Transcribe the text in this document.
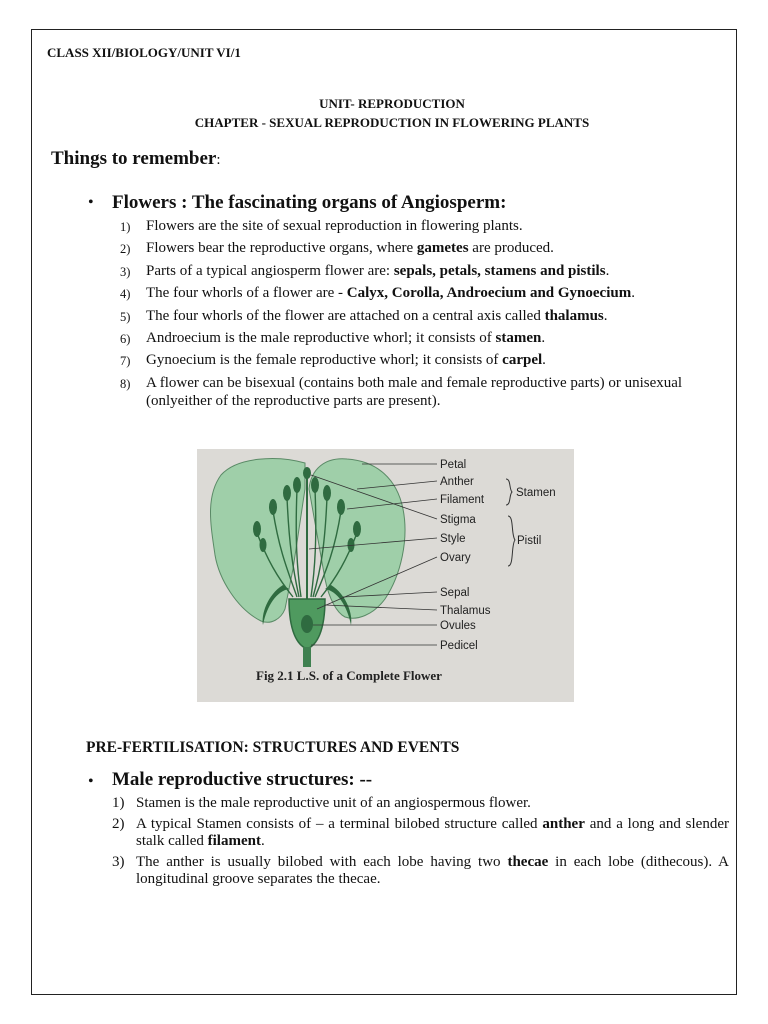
CLASS XII/BIOLOGY/UNIT VI/1
UNIT- REPRODUCTION
CHAPTER - SEXUAL REPRODUCTION IN FLOWERING PLANTS
Things to remember:
• Flowers : The fascinating organs of Angiosperm:
1) Flowers are the site of sexual reproduction in flowering plants.
2) Flowers bear the reproductive organs, where gametes are produced.
3) Parts of a typical angiosperm flower are: sepals, petals, stamens and pistils.
4) The four whorls of a flower are - Calyx, Corolla, Androecium and Gynoecium.
5) The four whorls of the flower are attached on a central axis called thalamus.
6) Androecium is the male reproductive whorl; it consists of stamen.
7) Gynoecium is the female reproductive whorl; it consists of carpel.
8) A flower can be bisexual (contains both male and female reproductive parts) or unisexual (onlyeither of the reproductive parts are present).
Petal
Anther
Filament
Stigma
Style
Ovary
Sepal
Thalamus
Ovules
Pedicel
Stamen
Pistil
Fig 2.1 L.S. of a Complete Flower
PRE-FERTILISATION: STRUCTURES AND EVENTS
• Male reproductive structures: --
1) Stamen is the male reproductive unit of an angiospermous flower.
2) A typical Stamen consists of – a terminal bilobed structure called anther and a long and slender stalk called filament.
3) The anther is usually bilobed with each lobe having two thecae in each lobe (dithecous). A longitudinal groove separates the thecae.
